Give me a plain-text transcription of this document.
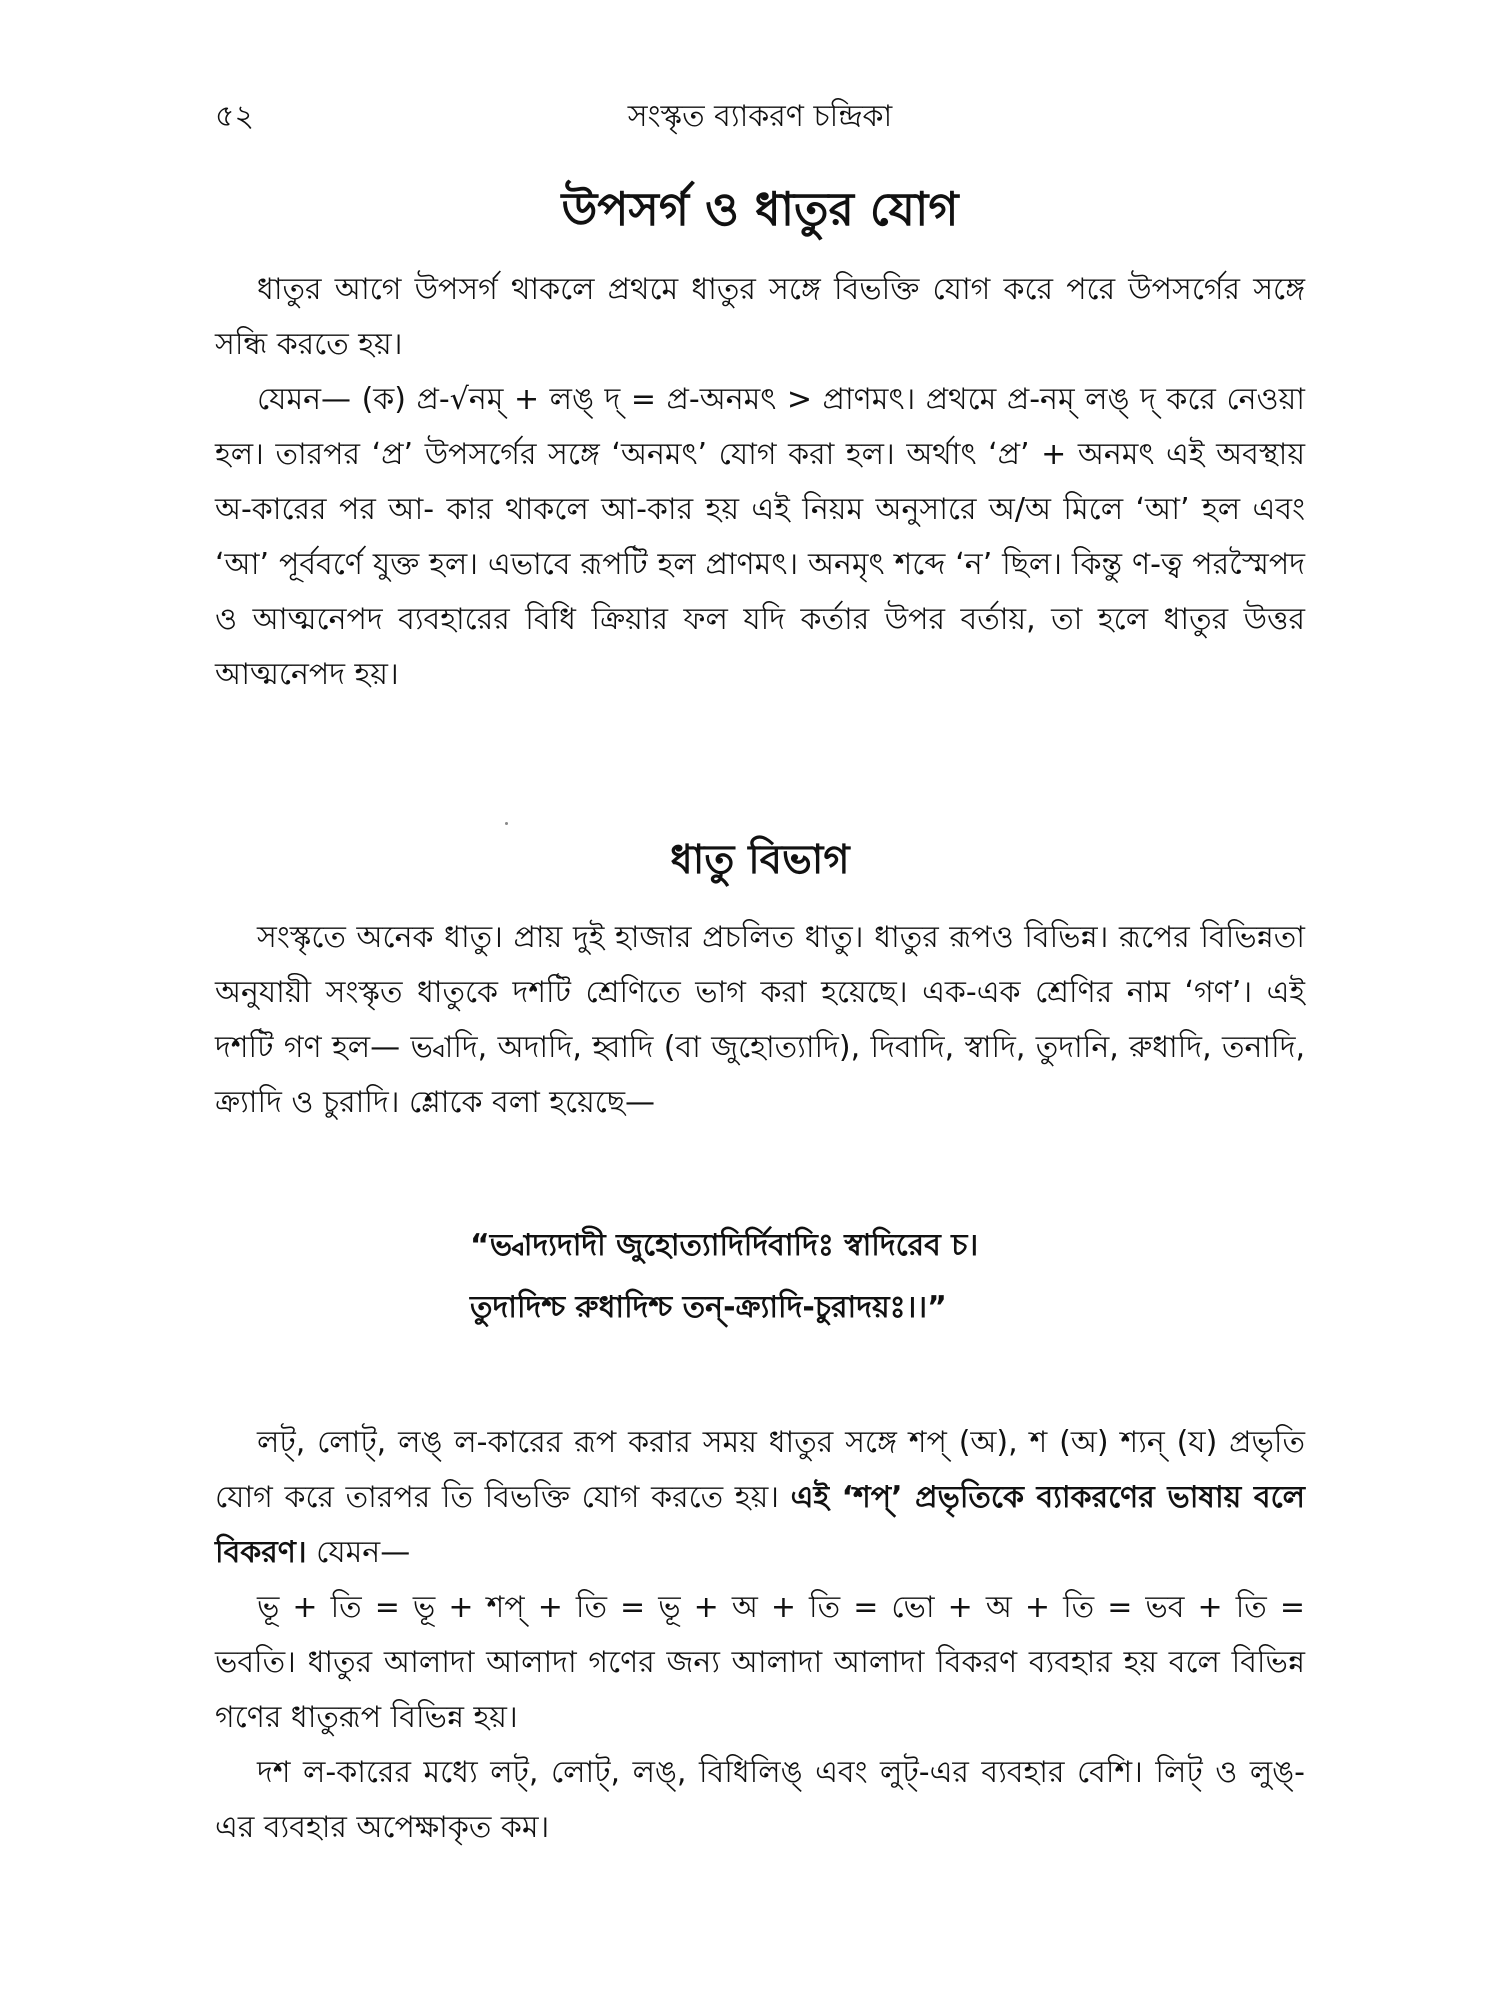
৫২	সংস্কৃত ব্যাকরণ চন্দ্রিকা
উপসর্গ ও ধাতুর যোগ

ধাতুর আগে উপসর্গ থাকলে প্রথমে ধাতুর সঙ্গে বিভক্তি যোগ করে পরে উপসর্গের সঙ্গে সন্ধি করতে হয়।

যেমন— (ক) প্র-√নম্ + লঙ্ দ্ = প্র-অনমৎ > প্রাণমৎ। প্রথমে প্র-নম্ লঙ্ দ্ করে নেওয়া হল। তারপর ‘প্র’ উপসর্গের সঙ্গে ‘অনমৎ’ যোগ করা হল। অর্থাৎ ‘প্র’ + অনমৎ এই অবস্থায় অ-কারের পর আ- কার থাকলে আ-কার হয় এই নিয়ম অনুসারে অ/অ মিলে ‘আ’ হল এবং ‘আ’ পূর্ববর্ণে যুক্ত হল। এভাবে রূপটি হল প্রাণমৎ। অনমৃৎ শব্দে ‘ন’ ছিল। কিন্তু ণ-ত্ব পরস্মৈপদ ও আত্মনেপদ ব্যবহারের বিধি ক্রিয়ার ফল যদি কর্তার উপর বর্তায়, তা হলে ধাতুর উত্তর আত্মনেপদ হয়।

ধাতু বিভাগ

সংস্কৃতে অনেক ধাতু। প্রায় দুই হাজার প্রচলিত ধাতু। ধাতুর রূপও বিভিন্ন। রূপের বিভিন্নতা অনুযায়ী সংস্কৃত ধাতুকে দশটি শ্রেণিতে ভাগ করা হয়েছে। এক-এক শ্রেণির নাম ‘গণ’। এই দশটি গণ হল— ভ্বাদি, অদাদি, হ্বাদি (বা জুহোত্যাদি), দিবাদি, স্বাদি, তুদানি, রুধাদি, তনাদি, ক্র্যাদি ও চুরাদি। শ্লোকে বলা হয়েছে—

“ভ্বাদ্যদাদী জুহোত্যাদির্দিবাদিঃ স্বাদিরেব চ।
তুদাদিশ্চ রুধাদিশ্চ তন্-ক্র্যাদি-চুরাদয়ঃ।।”

লট্, লোট্, লঙ্ ল-কারের রূপ করার সময় ধাতুর সঙ্গে শপ্ (অ), শ (অ) শ্যন্ (য) প্রভৃতি যোগ করে তারপর তি বিভক্তি যোগ করতে হয়। এই ‘শপ্’ প্রভৃতিকে ব্যাকরণের ভাষায় বলে বিকরণ। যেমন—

ভূ + তি = ভূ + শপ্ + তি = ভূ + অ + তি = ভো + অ + তি = ভব + তি = ভবতি। ধাতুর আলাদা আলাদা গণের জন্য আলাদা আলাদা বিকরণ ব্যবহার হয় বলে বিভিন্ন গণের ধাতুরূপ বিভিন্ন হয়।

দশ ল-কারের মধ্যে লট্, লোট্, লঙ্, বিধিলিঙ্ এবং লুট্-এর ব্যবহার বেশি। লিট্ ও লুঙ্-এর ব্যবহার অপেক্ষাকৃত কম।
